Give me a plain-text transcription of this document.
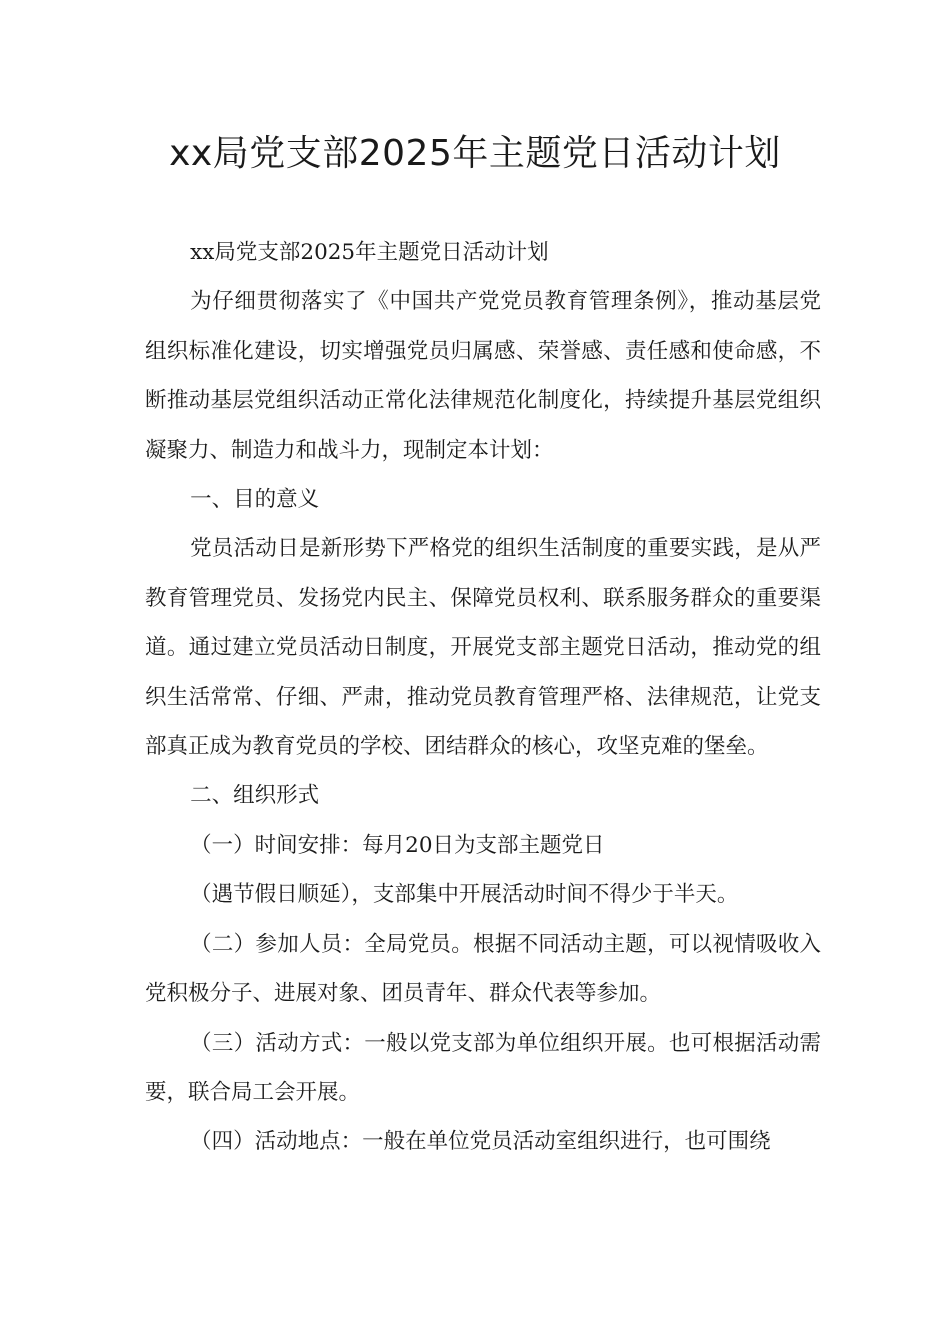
xx局党支部2025年主题党日活动计划

xx局党支部2025年主题党日活动计划

为仔细贯彻落实了《中国共产党党员教育管理条例》，推动基层党组织标准化建设，切实增强党员归属感、荣誉感、责任感和使命感，不断推动基层党组织活动正常化法律规范化制度化，持续提升基层党组织凝聚力、制造力和战斗力，现制定本计划：

一、目的意义

党员活动日是新形势下严格党的组织生活制度的重要实践，是从严教育管理党员、发扬党内民主、保障党员权利、联系服务群众的重要渠道。通过建立党员活动日制度，开展党支部主题党日活动，推动党的组织生活常常、仔细、严肃，推动党员教育管理严格、法律规范，让党支部真正成为教育党员的学校、团结群众的核心，攻坚克难的堡垒。

二、组织形式

（一）时间安排：每月20日为支部主题党日

（遇节假日顺延），支部集中开展活动时间不得少于半天。

（二）参加人员：全局党员。根据不同活动主题，可以视情吸收入党积极分子、进展对象、团员青年、群众代表等参加。

（三）活动方式：一般以党支部为单位组织开展。也可根据活动需要，联合局工会开展。

（四）活动地点：一般在单位党员活动室组织进行，也可围绕
